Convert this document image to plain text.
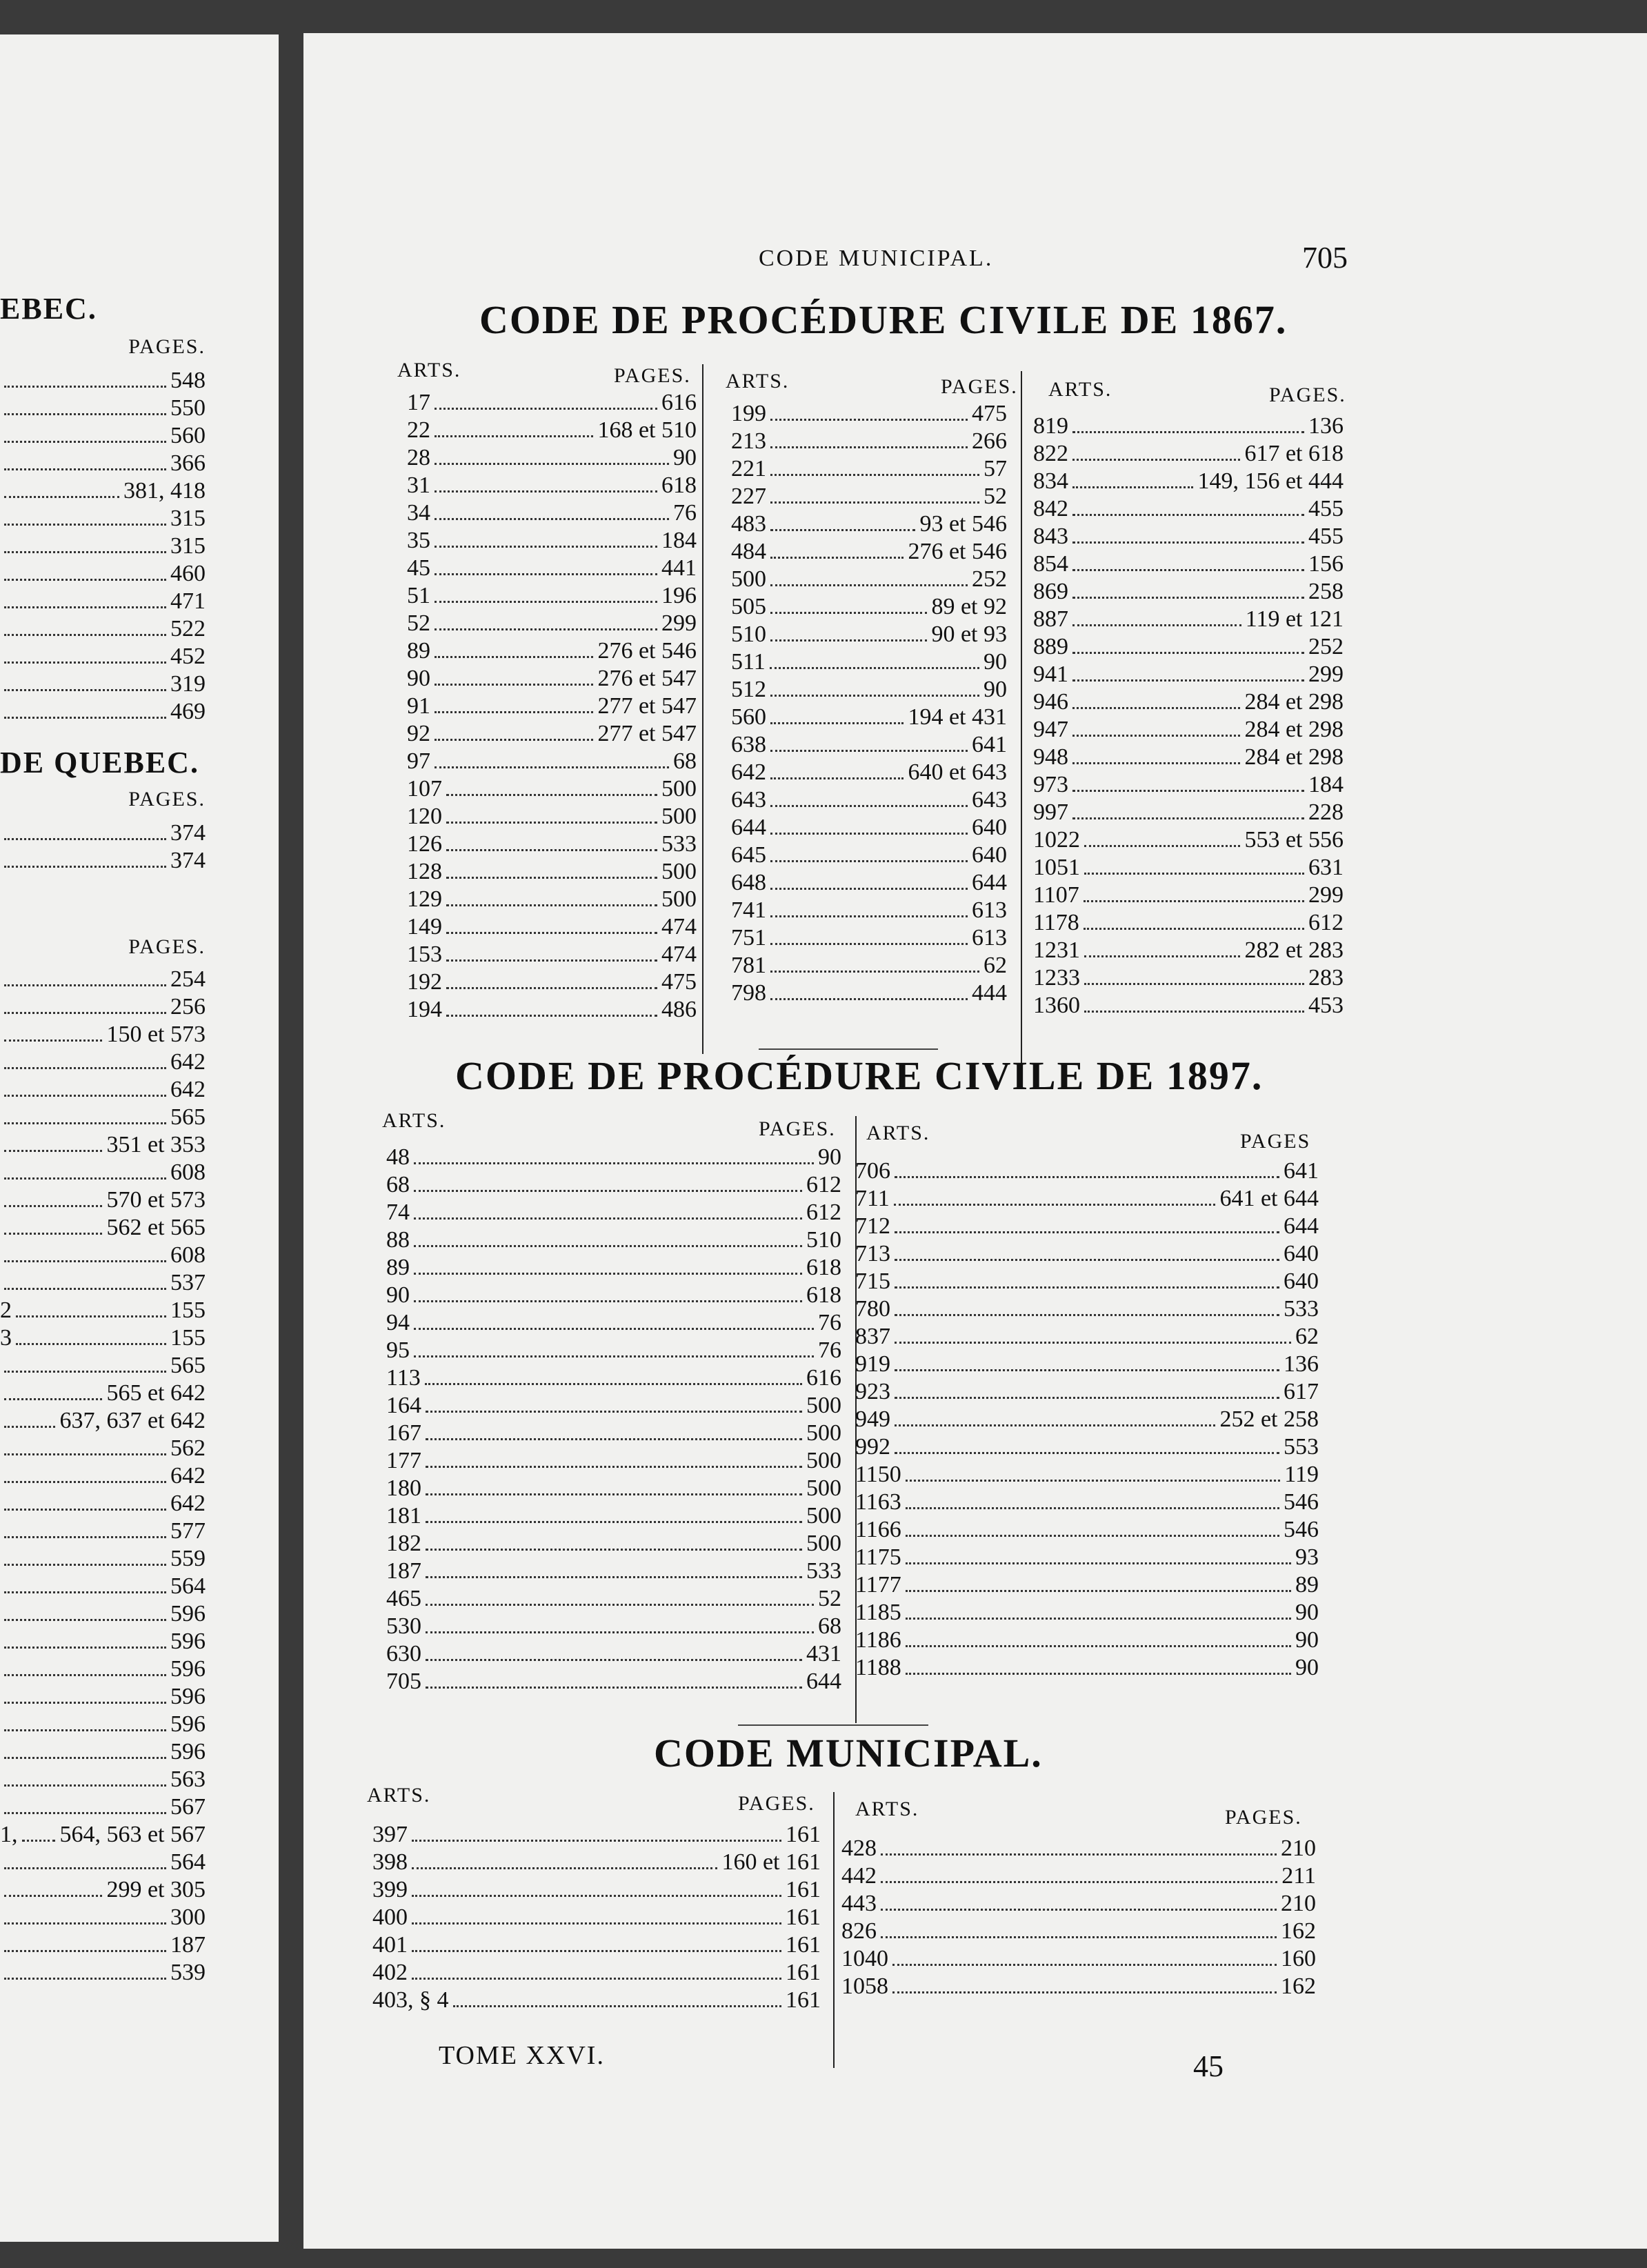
EBEC.
PAGES.
548
550
560
366
381, 418
315
315
460
471
522
452
319
469
DE QUEBEC.
PAGES.
374
374
PAGES.
254
256
150 et 573
642
642
565
351 et 353
608
570 et 573
562 et 565
608
537
2	155
3	155
565
565 et 642
637, 637 et 642
562
642
642
577
559
564
596
596
596
596
596
596
563
567
1, 564, 563 et 567
564
299 et 305
300
187
539
CODE MUNICIPAL.	705
CODE DE PROCÉDURE CIVILE DE 1867.
ARTS.	PAGES.
17	616
22	168 et 510
28	90
31	618
34	76
35	184
45	441
51	196
52	299
89	276 et 546
90	276 et 547
91	277 et 547
92	277 et 547
97	68
107	500
120	500
126	533
128	500
129	500
149	474
153	474
192	475
194	486
ARTS.	PAGES.
199	475
213	266
221	57
227	52
483	93 et 546
484	276 et 546
500	252
505	89 et 92
510	90 et 93
511	90
512	90
560	194 et 431
638	641
642	640 et 643
643	643
644	640
645	640
648	644
741	613
751	613
781	62
798	444
ARTS.	PAGES.
819	136
822	617 et 618
834	149, 156 et 444
842	455
843	455
854	156
869	258
887	119 et 121
889	252
941	299
946	284 et 298
947	284 et 298
948	284 et 298
973	184
997	228
1022	553 et 556
1051	631
1107	299
1178	612
1231	282 et 283
1233	283
1360	453
CODE DE PROCÉDURE CIVILE DE 1897.
ARTS.	PAGES.
48	90
68	612
74	612
88	510
89	618
90	618
94	76
95	76
113	616
164	500
167	500
177	500
180	500
181	500
182	500
187	533
465	52
530	68
630	431
705	644
ARTS.	PAGES
706	641
711	641 et 644
712	644
713	640
715	640
780	533
837	62
919	136
923	617
949	252 et 258
992	553
1150	119
1163	546
1166	546
1175	93
1177	89
1185	90
1186	90
1188	90
CODE MUNICIPAL.
ARTS.	PAGES.
397	161
398	160 et 161
399	161
400	161
401	161
402	161
403, § 4	161
ARTS.	PAGES.
428	210
442	211
443	210
826	162
1040	160
1058	162
TOME XXVI.	45
